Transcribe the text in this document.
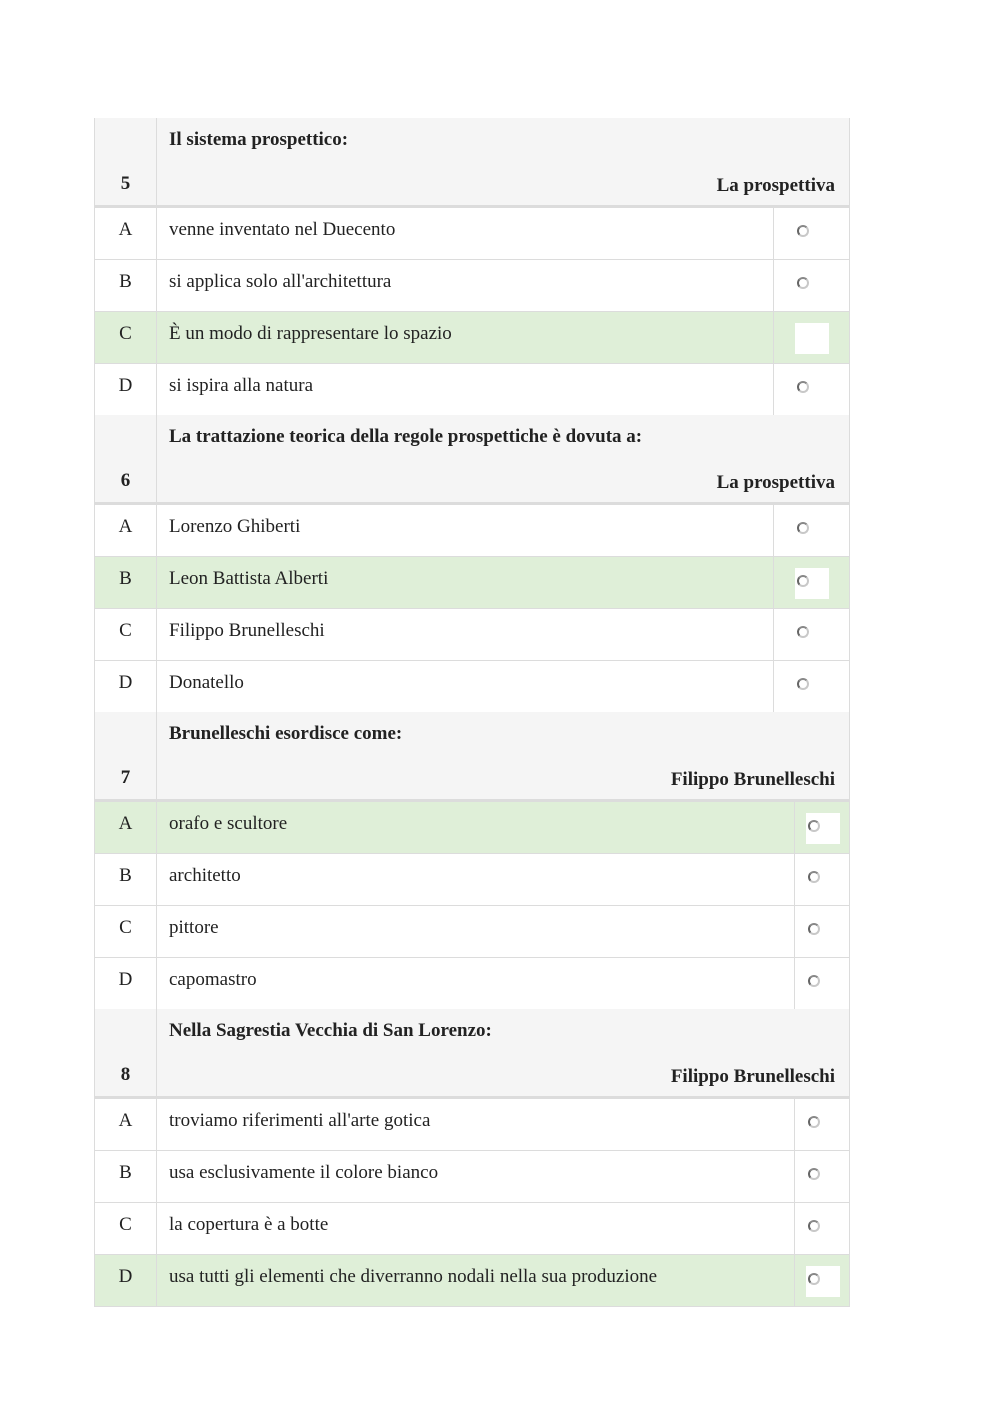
5
Il sistema prospettico:
La prospettiva
A	venne inventato nel Duecento
B	si applica solo all'architettura
C	È un modo di rappresentare lo spazio
D	si ispira alla natura
6
La trattazione teorica della regole prospettiche è dovuta a:
La prospettiva
A	Lorenzo Ghiberti
B	Leon Battista Alberti
C	Filippo Brunelleschi
D	Donatello
7
Brunelleschi esordisce come:
Filippo Brunelleschi
A	orafo e scultore
B	architetto
C	pittore
D	capomastro
8
Nella Sagrestia Vecchia di San Lorenzo:
Filippo Brunelleschi
A	troviamo riferimenti all'arte gotica
B	usa esclusivamente il colore bianco
C	la copertura è a botte
D	usa tutti gli elementi che diverranno nodali nella sua produzione
